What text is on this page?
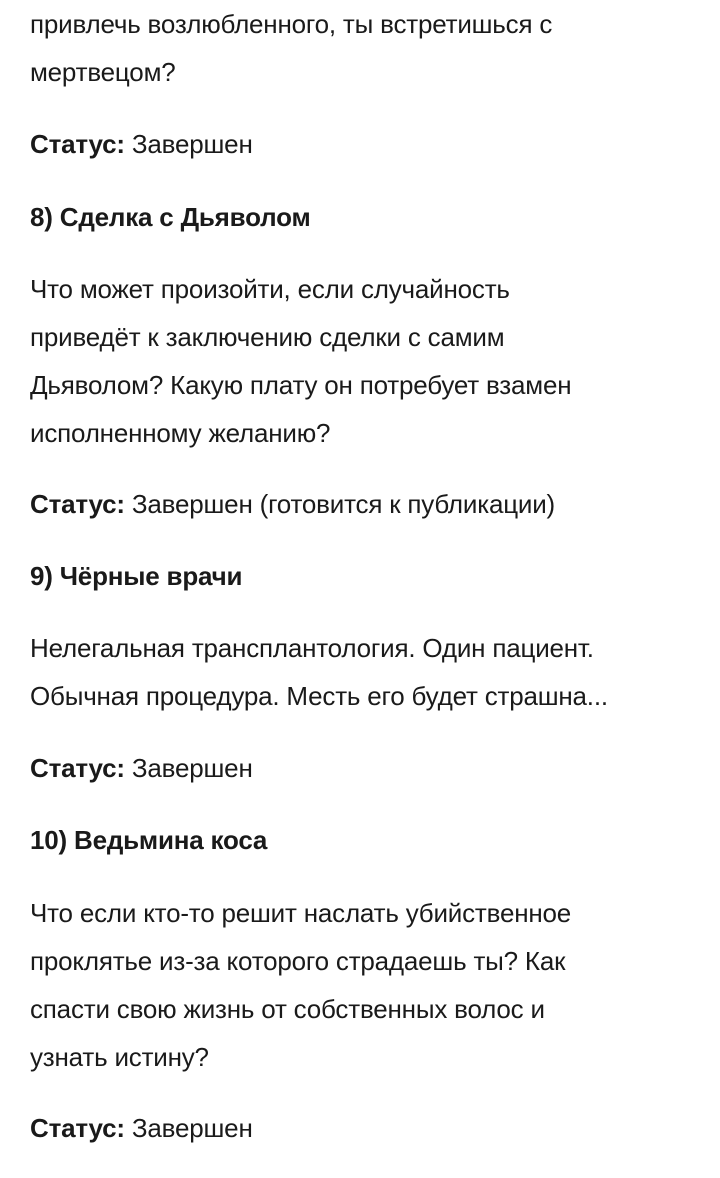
привлечь возлюбленного, ты встретишься с
мертвецом?

Статус: Завершен

8) Сделка с Дьяволом

Что может произойти, если случайность
приведёт к заключению сделки с самим
Дьяволом? Какую плату он потребует взамен
исполненному желанию?

Статус: Завершен (готовится к публикации)

9) Чёрные врачи

Нелегальная трансплантология. Один пациент.
Обычная процедура. Месть его будет страшна...

Статус: Завершен

10) Ведьмина коса

Что если кто-то решит наслать убийственное
проклятье из-за которого страдаешь ты? Как
спасти свою жизнь от собственных волос и
узнать истину?

Статус: Завершен
